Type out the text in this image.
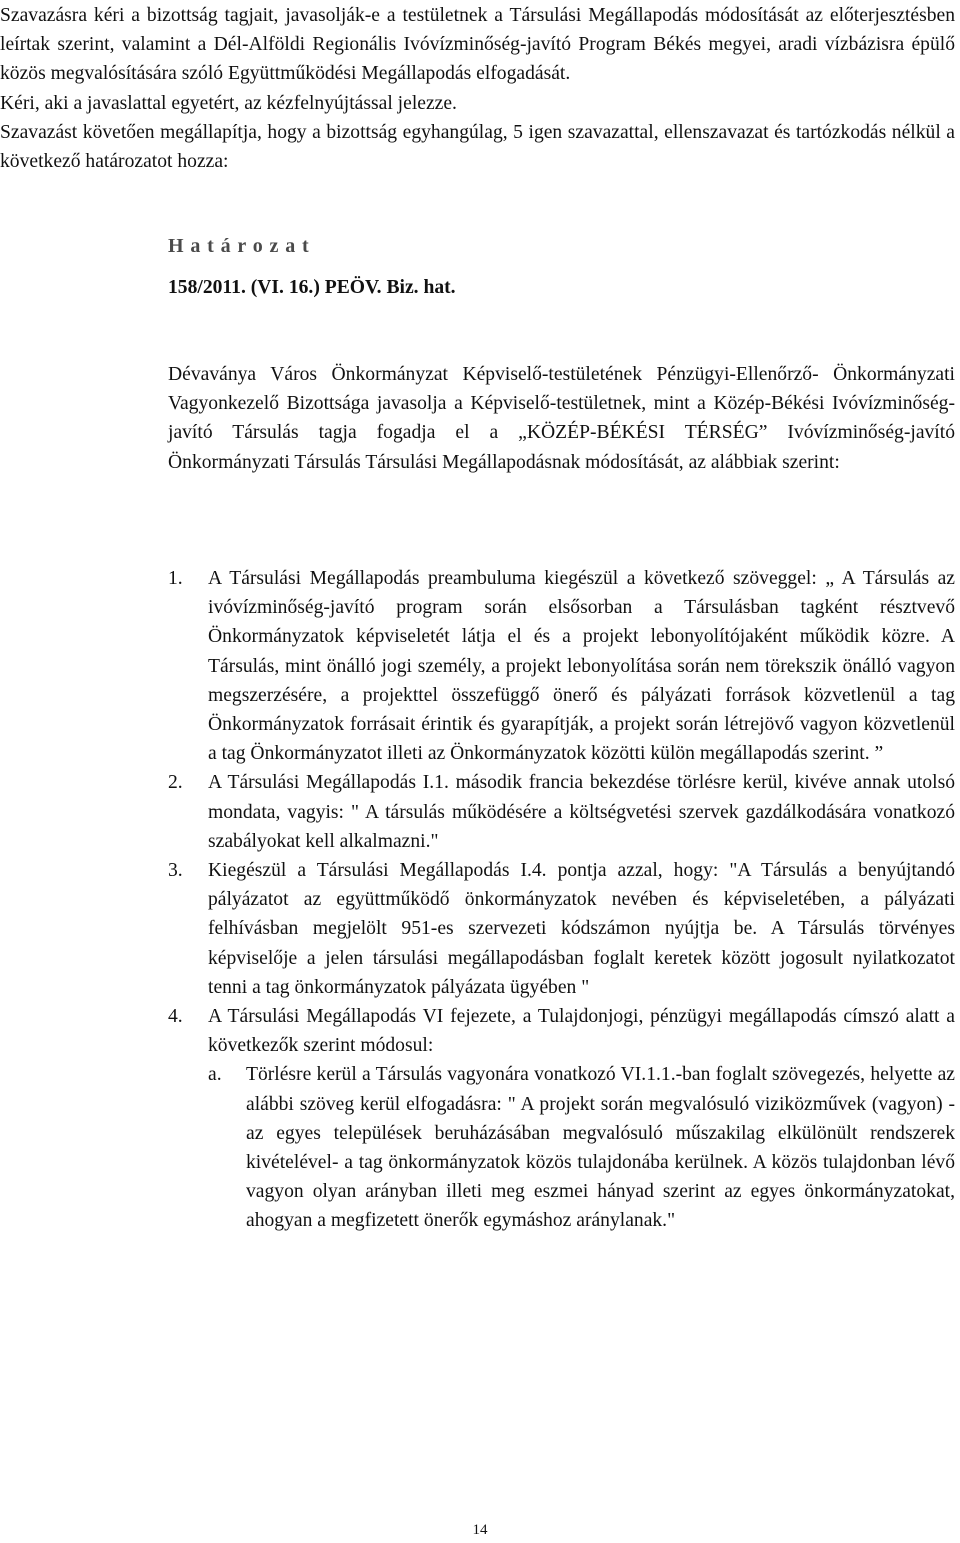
Szavazásra kéri a bizottság tagjait, javasolják-e a testületnek a Társulási Megállapodás módosítását az előterjesztésben leírtak szerint, valamint a Dél-Alföldi Regionális Ivóvízminőség-javító Program Békés megyei, aradi vízbázisra épülő közös megvalósítására szóló Együttműködési Megállapodás elfogadását.

Kéri, aki a javaslattal egyetért, az kézfelnyújtással jelezze.

Szavazást követően megállapítja, hogy a bizottság egyhangúlag, 5 igen szavazattal, ellenszavazat és tartózkodás nélkül a következő határozatot hozza:

H a t á r o z a t
158/2011. (VI. 16.) PEÖV. Biz. hat.

Dévaványa Város Önkormányzat Képviselő-testületének Pénzügyi-Ellenőrző- Önkormányzati Vagyonkezelő Bizottsága javasolja a Képviselő-testületnek, mint a Közép-Békési Ivóvízminőség-javító Társulás tagja fogadja el a „KÖZÉP-BÉKÉSI TÉRSÉG” Ivóvízminőség-javító Önkormányzati Társulás Társulási Megállapodásnak módosítását, az alábbiak szerint:

1.	A Társulási Megállapodás preambuluma kiegészül a következő szöveggel: „ A Társulás az ivóvízminőség-javító program során elsősorban a Társulásban tagként résztvevő Önkormányzatok képviseletét látja el és a projekt lebonyolítójaként működik közre. A Társulás, mint önálló jogi személy, a projekt lebonyolítása során nem törekszik önálló vagyon megszerzésére, a projekttel összefüggő önerő és pályázati források közvetlenül a tag Önkormányzatok forrásait érintik és gyarapítják, a projekt során létrejövő vagyon közvetlenül a tag Önkormányzatot illeti az Önkormányzatok közötti külön megállapodás szerint. ”
2.	A Társulási Megállapodás I.1. második francia bekezdése törlésre kerül, kivéve annak utolsó mondata, vagyis: " A társulás működésére a költségvetési szervek gazdálkodására vonatkozó szabályokat kell alkalmazni."
3.	Kiegészül a Társulási Megállapodás I.4. pontja azzal, hogy: "A Társulás a benyújtandó pályázatot az együttműködő önkormányzatok nevében és képviseletében, a pályázati felhívásban megjelölt 951-es szervezeti kódszámon nyújtja be. A Társulás törvényes képviselője a jelen társulási megállapodásban foglalt keretek között jogosult nyilatkozatot tenni a tag önkormányzatok pályázata ügyében "
4.	A Társulási Megállapodás VI fejezete, a Tulajdonjogi, pénzügyi megállapodás címszó alatt a következők szerint módosul:
a.	Törlésre kerül a Társulás vagyonára vonatkozó VI.1.1.-ban foglalt szövegezés, helyette az alábbi szöveg kerül elfogadásra: " A projekt során megvalósuló viziközművek (vagyon) - az egyes települések beruházásában megvalósuló műszakilag elkülönült rendszerek kivételével- a tag önkormányzatok közös tulajdonába kerülnek. A közös tulajdonban lévő vagyon olyan arányban illeti meg eszmei hányad szerint az egyes önkormányzatokat, ahogyan a megfizetett önerők egymáshoz aránylanak."
14
